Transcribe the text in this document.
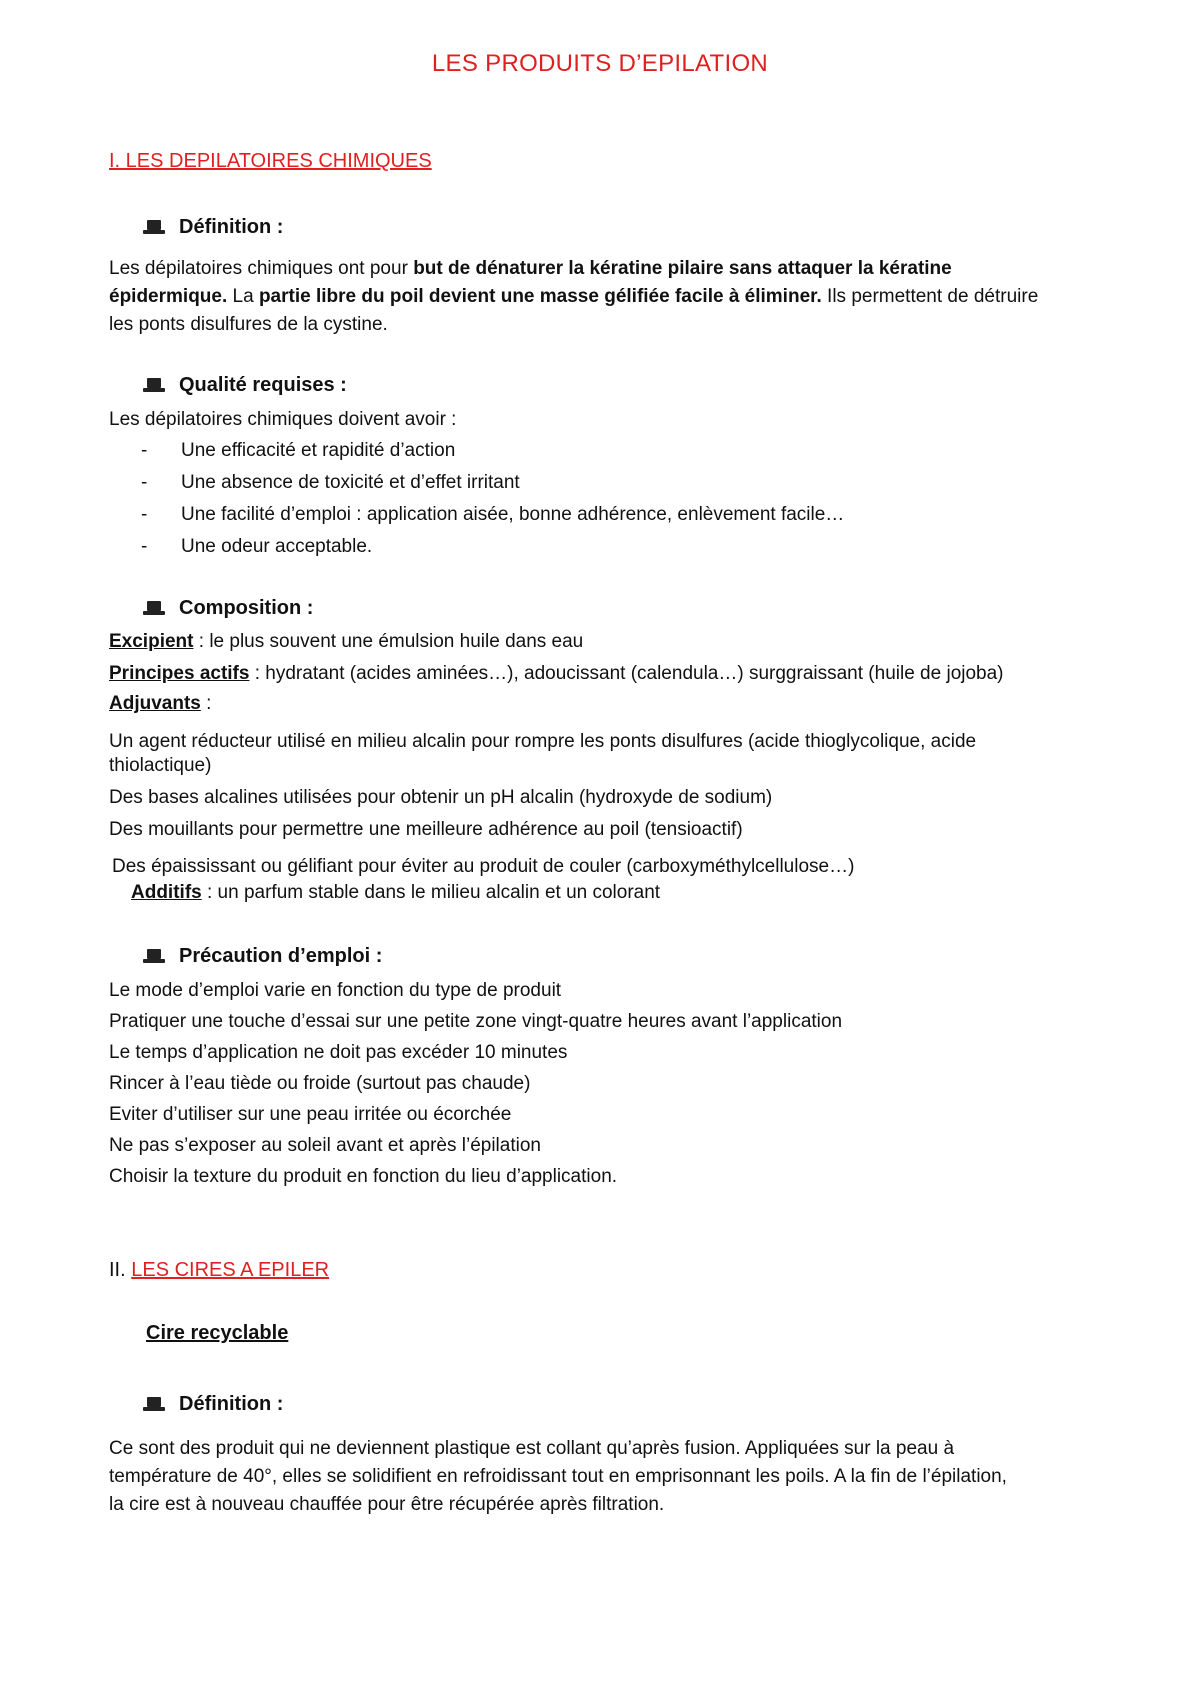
LES PRODUITS D’EPILATION
I. LES DEPILATOIRES CHIMIQUES
Définition :
Les dépilatoires chimiques ont pour but de dénaturer la kératine pilaire sans attaquer la kératine
épidermique. La partie libre du poil devient une masse gélifiée facile à éliminer. Ils permettent de détruire
les ponts disulfures de la cystine.
Qualité requises :
Les dépilatoires chimiques doivent avoir :
-	Une efficacité et rapidité d’action
-	Une absence de toxicité et d’effet irritant
-	Une facilité d’emploi : application aisée, bonne adhérence, enlèvement facile…
-	Une odeur acceptable.
Composition :
Excipient : le plus souvent une émulsion huile dans eau
Principes actifs : hydratant (acides aminées…), adoucissant (calendula…) surggraissant (huile de jojoba)
Adjuvants :
Un agent réducteur utilisé en milieu alcalin pour rompre les ponts disulfures (acide thioglycolique, acide
thiolactique)
Des bases alcalines utilisées pour obtenir un pH alcalin (hydroxyde de sodium)
Des mouillants pour permettre une meilleure adhérence au poil (tensioactif)
Des épaississant ou gélifiant pour éviter au produit de couler (carboxyméthylcellulose…)
Additifs : un parfum stable dans le milieu alcalin et un colorant
Précaution d’emploi :
Le mode d’emploi varie en fonction du type de produit
Pratiquer une touche d’essai sur une petite zone vingt-quatre heures avant l’application
Le temps d’application ne doit pas excéder 10 minutes
Rincer à l’eau tiède ou froide (surtout pas chaude)
Eviter d’utiliser sur une peau irritée ou écorchée
Ne pas s’exposer au soleil avant et après l’épilation
Choisir la texture du produit en fonction du lieu d’application.
II. LES CIRES A EPILER
Cire recyclable
Définition :
Ce sont des produit qui ne deviennent plastique est collant qu’après fusion. Appliquées sur la peau à
température de 40°, elles se solidifient en refroidissant tout en emprisonnant les poils. A la fin de l’épilation,
la cire est à nouveau chauffée pour être récupérée après filtration.
